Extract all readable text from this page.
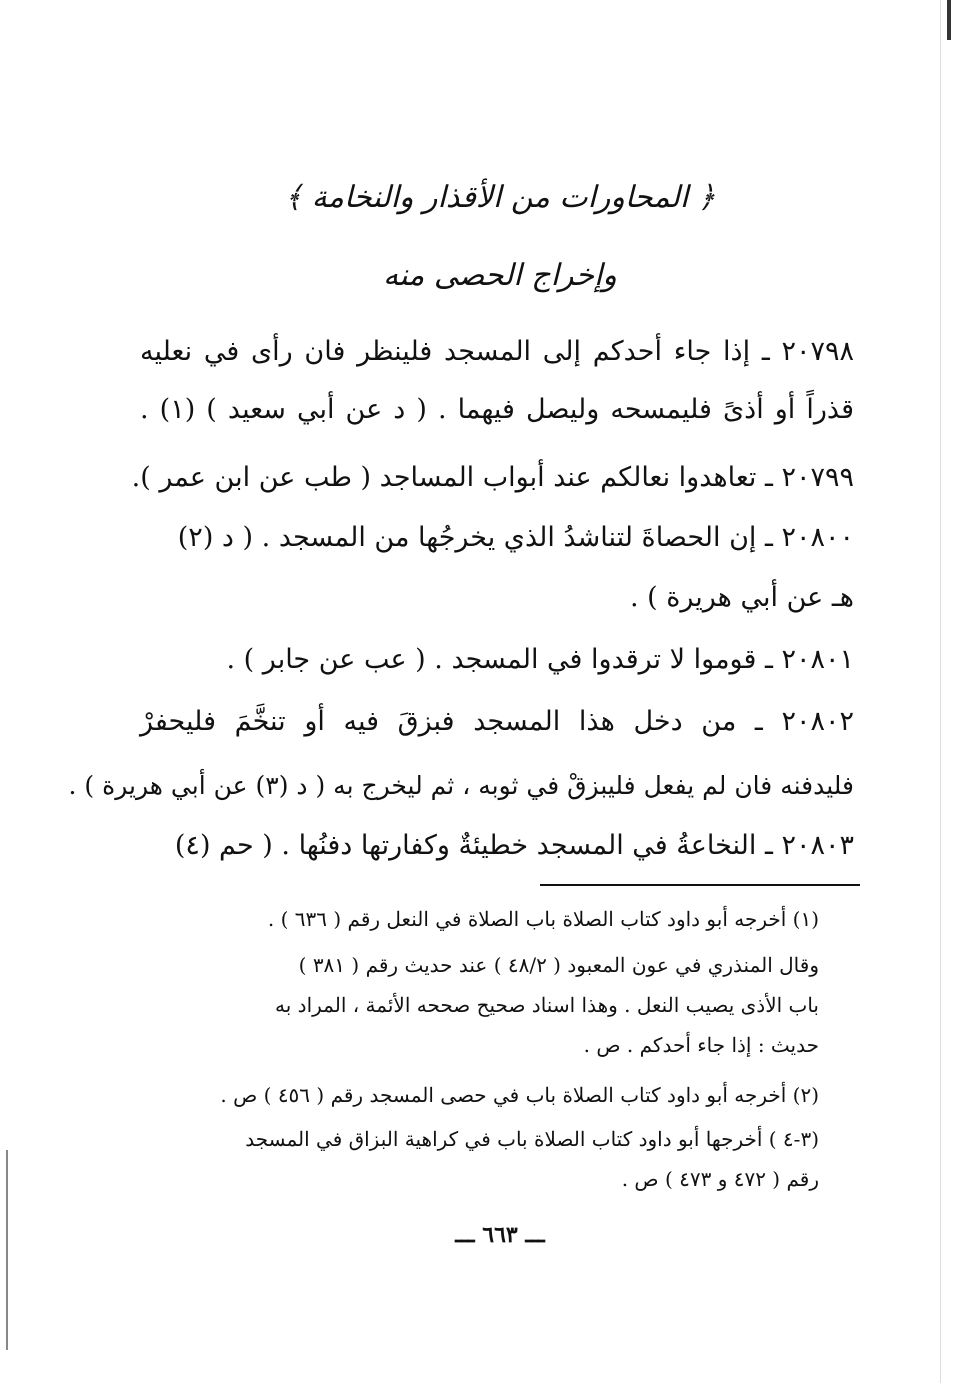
﴿ المحاورات من الأقذار والنخامة ﴾
وإخراج الحصى منه
٢٠٧٩٨ ـ إذا جاء أحدكم إلى المسجد فلينظر فان رأى في نعليه
قذراً أو أذىً فليمسحه وليصل فيهما . ( د عن أبي سعيد ) (١) .
٢٠٧٩٩ ـ تعاهدوا نعالكم عند أبواب المساجد ( طب عن ابن عمر ).
٢٠٨٠٠ ـ إن الحصاةَ لتناشدُ الذي يخرجُها من المسجد . ( د (٢)
هـ عن أبي هريرة ) .
٢٠٨٠١ ـ قوموا لا ترقدوا في المسجد . ( عب عن جابر ) .
٢٠٨٠٢ ـ من دخل هذا المسجد فبزقَ فيه أو تنخَّمَ فليحفرْ
فليدفنه فان لم يفعل فليبزقْ في ثوبه ، ثم ليخرج به ( د (٣) عن أبي هريرة ) .
٢٠٨٠٣ ـ النخاعةُ في المسجد خطيئةٌ وكفارتها دفنُها . ( حم (٤)
(١) أخرجه أبو داود كتاب الصلاة باب الصلاة في النعل رقم ( ٦٣٦ ) .
وقال المنذري في عون المعبود ( ٤٨/٢ ) عند حديث رقم ( ٣٨١ )
باب الأذى يصيب النعل . وهذا اسناد صحيح صححه الأئمة ، المراد به
حديث : إذا جاء أحدكم . ص .
(٢) أخرجه أبو داود كتاب الصلاة باب في حصى المسجد رقم ( ٤٥٦ ) ص .
(٣-٤ ) أخرجها أبو داود كتاب الصلاة باب في كراهية البزاق في المسجد
رقم ( ٤٧٢ و ٤٧٣ ) ص .
ـــ ٦٦٣ ـــ
